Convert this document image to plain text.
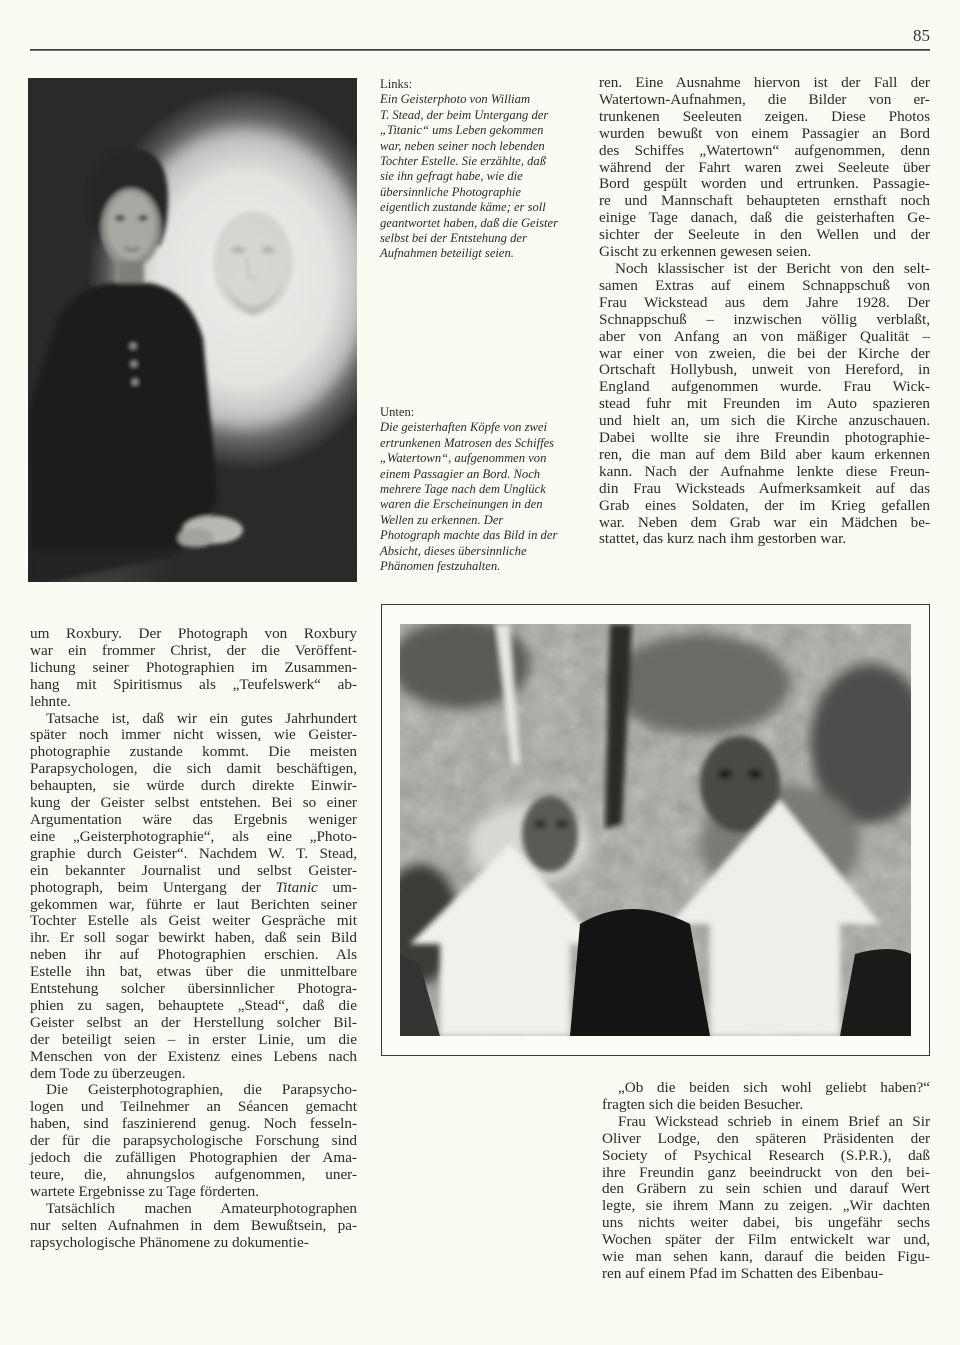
85
Links:
Ein Geisterphoto von William
T. Stead, der beim Untergang der
„Titanic“ ums Leben gekommen
war, neben seiner noch lebenden
Tochter Estelle. Sie erzählte, daß
sie ihn gefragt habe, wie die
übersinnliche Photographie
eigentlich zustande käme; er soll
geantwortet haben, daß die Geister
selbst bei der Entstehung der
Aufnahmen beteiligt seien.
Unten:
Die geisterhaften Köpfe von zwei
ertrunkenen Matrosen des Schiffes
„Watertown“, aufgenommen von
einem Passagier an Bord. Noch
mehrere Tage nach dem Unglück
waren die Erscheinungen in den
Wellen zu erkennen. Der
Photograph machte das Bild in der
Absicht, dieses übersinnliche
Phänomen festzuhalten.

ren. Eine Ausnahme hiervon ist der Fall der
Watertown-Aufnahmen, die Bilder von er-
trunkenen Seeleuten zeigen. Diese Photos
wurden bewußt von einem Passagier an Bord
des Schiffes „Watertown“ aufgenommen, denn
während der Fahrt waren zwei Seeleute über
Bord gespült worden und ertrunken. Passagie-
re und Mannschaft behaupteten ernsthaft noch
einige Tage danach, daß die geisterhaften Ge-
sichter der Seeleute in den Wellen und der
Gischt zu erkennen gewesen seien.

Noch klassischer ist der Bericht von den selt-
samen Extras auf einem Schnappschuß von
Frau Wickstead aus dem Jahre 1928. Der
Schnappschuß – inzwischen völlig verblaßt,
aber von Anfang an von mäßiger Qualität –
war einer von zweien, die bei der Kirche der
Ortschaft Hollybush, unweit von Hereford, in
England aufgenommen wurde. Frau Wick-
stead fuhr mit Freunden im Auto spazieren
und hielt an, um sich die Kirche anzuschauen.
Dabei wollte sie ihre Freundin photographie-
ren, die man auf dem Bild aber kaum erkennen
kann. Nach der Aufnahme lenkte diese Freun-
din Frau Wicksteads Aufmerksamkeit auf das
Grab eines Soldaten, der im Krieg gefallen
war. Neben dem Grab war ein Mädchen be-
stattet, das kurz nach ihm gestorben war.

um Roxbury. Der Photograph von Roxbury
war ein frommer Christ, der die Veröffent-
lichung seiner Photographien im Zusammen-
hang mit Spiritismus als „Teufelswerk“ ab-
lehnte.

Tatsache ist, daß wir ein gutes Jahrhundert
später noch immer nicht wissen, wie Geister-
photographie zustande kommt. Die meisten
Parapsychologen, die sich damit beschäftigen,
behaupten, sie würde durch direkte Einwir-
kung der Geister selbst entstehen. Bei so einer
Argumentation wäre das Ergebnis weniger
eine „Geisterphotographie“, als eine „Photo-
graphie durch Geister“. Nachdem W. T. Stead,
ein bekannter Journalist und selbst Geister-
photograph, beim Untergang der Titanic um-
gekommen war, führte er laut Berichten seiner
Tochter Estelle als Geist weiter Gespräche mit
ihr. Er soll sogar bewirkt haben, daß sein Bild
neben ihr auf Photographien erschien. Als
Estelle ihn bat, etwas über die unmittelbare
Entstehung solcher übersinnlicher Photogra-
phien zu sagen, behauptete „Stead“, daß die
Geister selbst an der Herstellung solcher Bil-
der beteiligt seien – in erster Linie, um die
Menschen von der Existenz eines Lebens nach
dem Tode zu überzeugen.

Die Geisterphotographien, die Parapsycho-
logen und Teilnehmer an Séancen gemacht
haben, sind faszinierend genug. Noch fesseln-
der für die parapsychologische Forschung sind
jedoch die zufälligen Photographien der Ama-
teure, die, ahnungslos aufgenommen, uner-
wartete Ergebnisse zu Tage förderten.

Tatsächlich machen Amateurphotographen
nur selten Aufnahmen in dem Bewußtsein, pa-
rapsychologische Phänomene zu dokumentie-

„Ob die beiden sich wohl geliebt haben?“
fragten sich die beiden Besucher.

Frau Wickstead schrieb in einem Brief an Sir
Oliver Lodge, den späteren Präsidenten der
Society of Psychical Research (S.P.R.), daß
ihre Freundin ganz beeindruckt von den bei-
den Gräbern zu sein schien und darauf Wert
legte, sie ihrem Mann zu zeigen. „Wir dachten
uns nichts weiter dabei, bis ungefähr sechs
Wochen später der Film entwickelt war und,
wie man sehen kann, darauf die beiden Figu-
ren auf einem Pfad im Schatten des Eibenbau-
